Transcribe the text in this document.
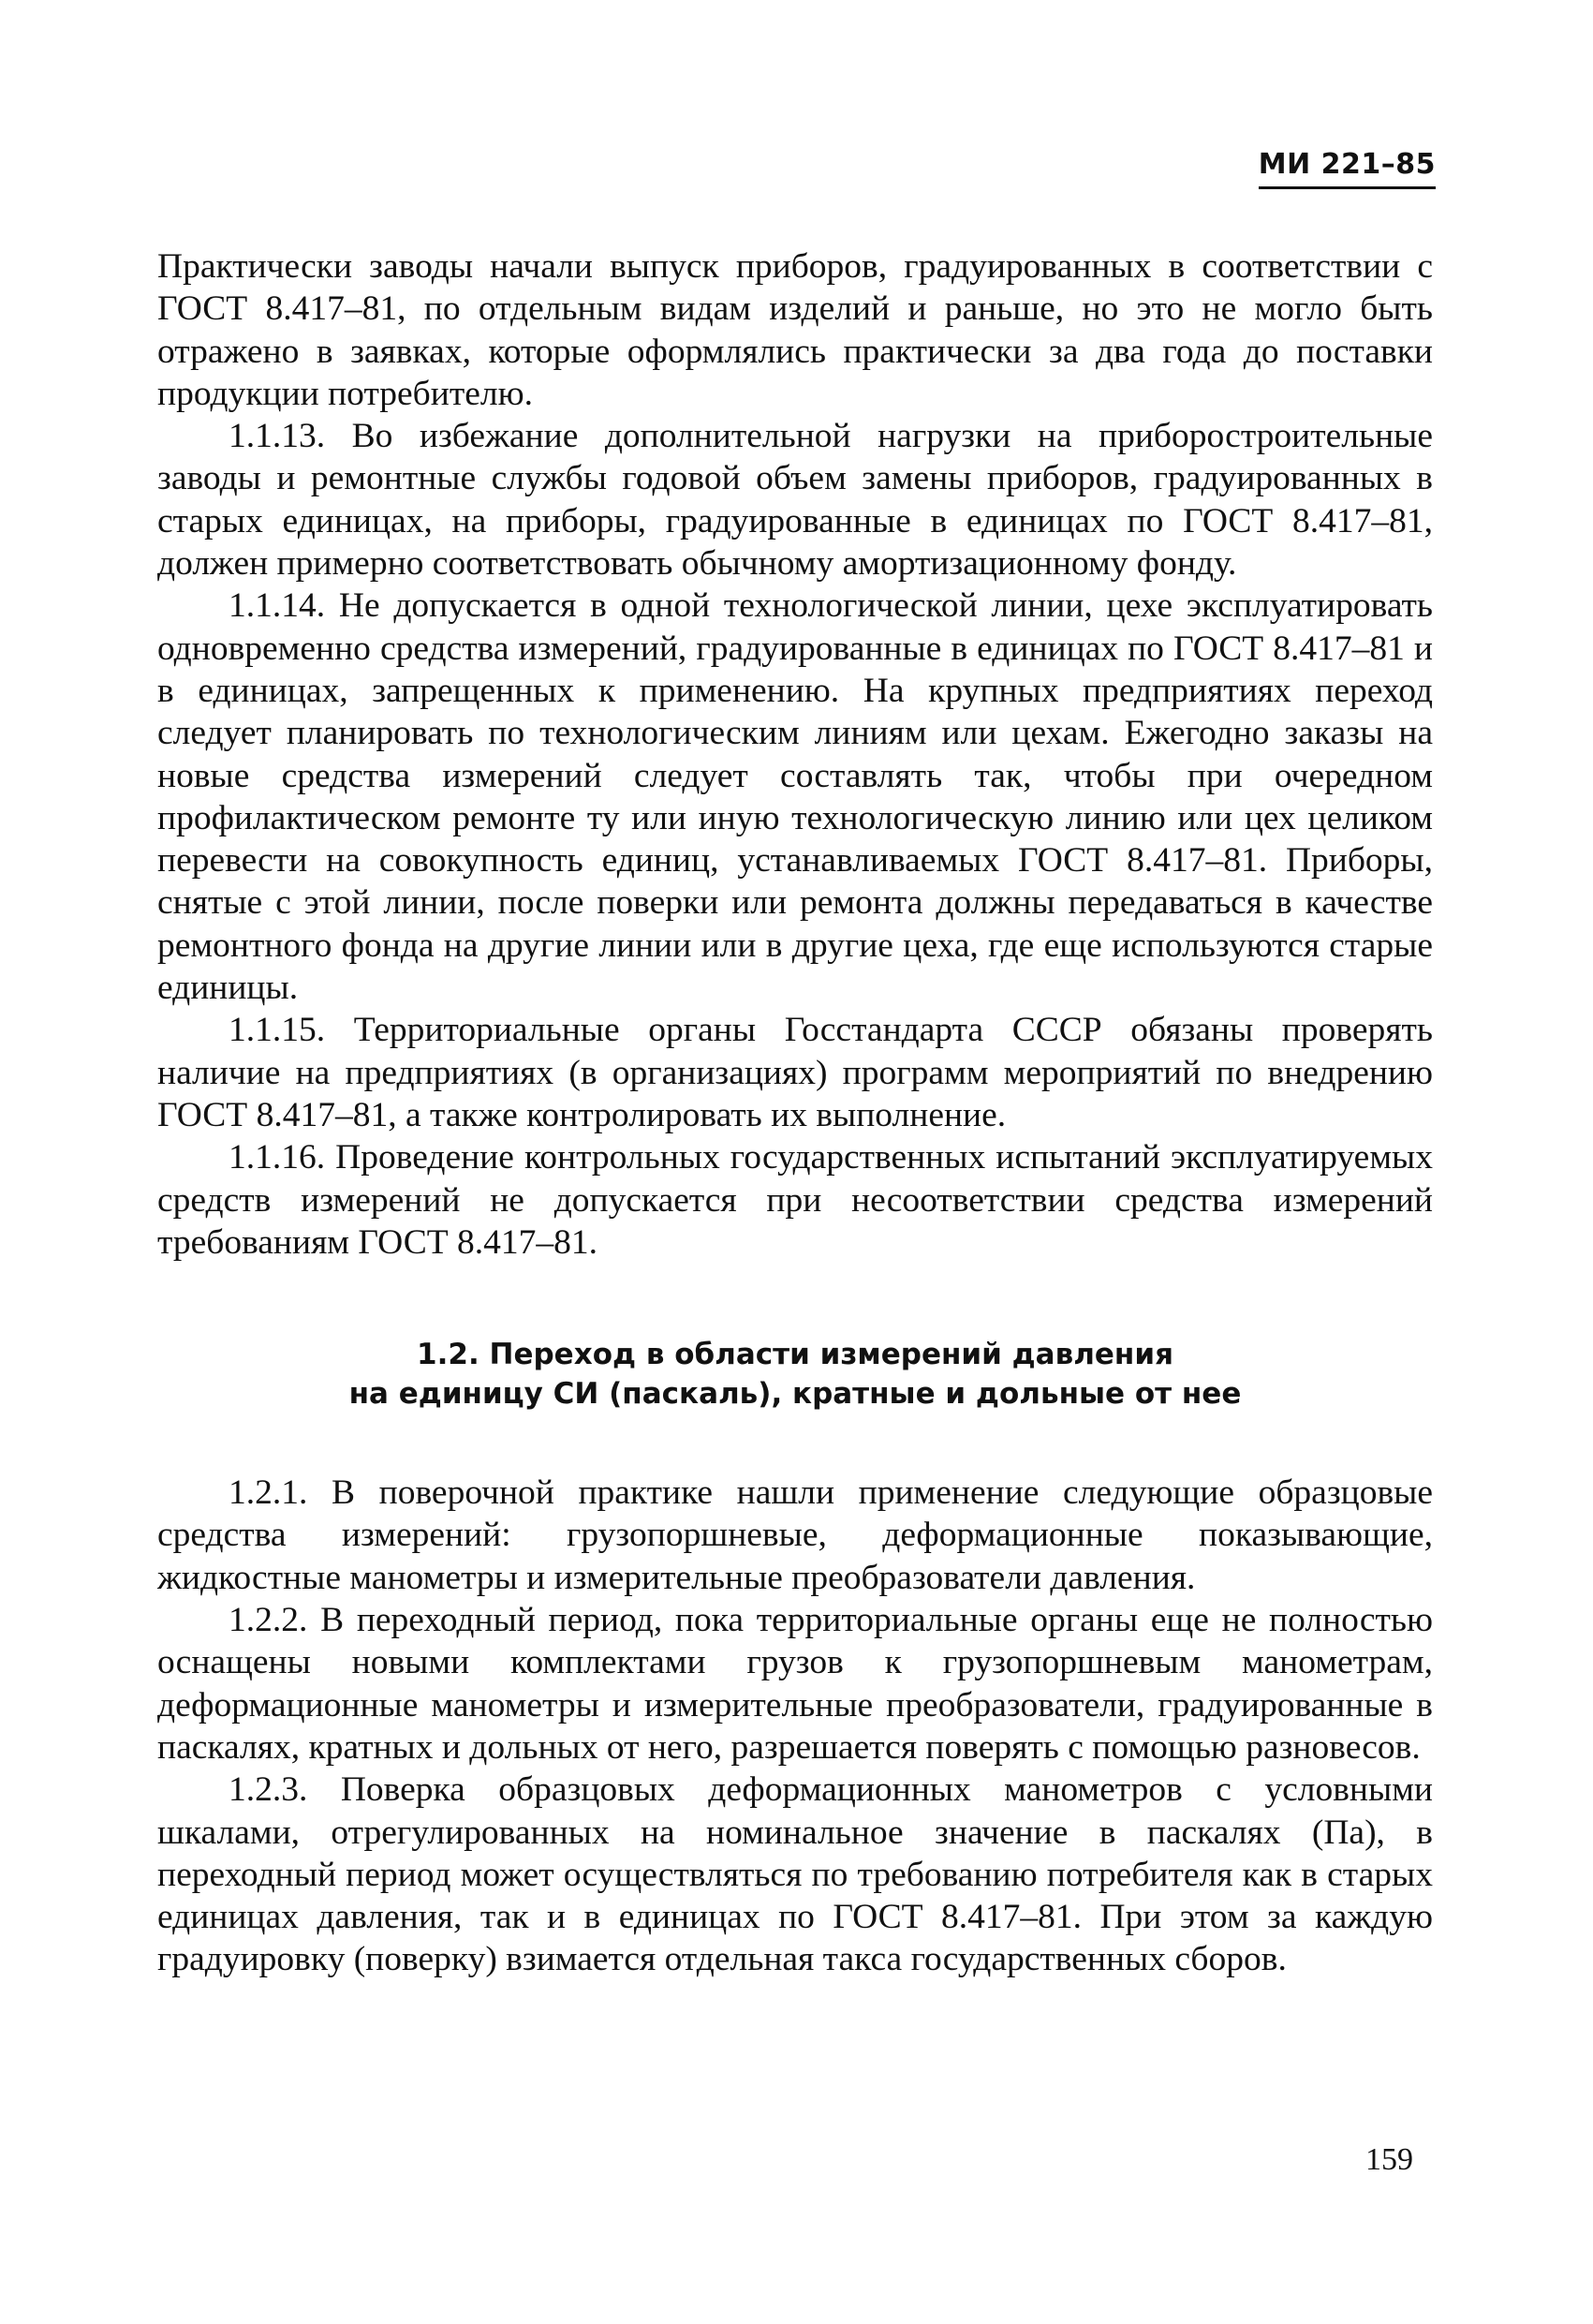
МИ 221–85

Практически заводы начали выпуск приборов, градуированных в соответствии с ГОСТ 8.417–81, по отдельным видам изделий и раньше, но это не могло быть отражено в заявках, которые оформлялись практически за два года до поставки продукции потребителю.

1.1.13. Во избежание дополнительной нагрузки на приборостроительные заводы и ремонтные службы годовой объем замены приборов, градуированных в старых единицах, на приборы, градуированные в единицах по ГОСТ 8.417–81, должен примерно соответствовать обычному амортизационному фонду.

1.1.14. Не допускается в одной технологической линии, цехе эксплуатировать одновременно средства измерений, градуированные в единицах по ГОСТ 8.417–81 и в единицах, запрещенных к применению. На крупных предприятиях переход следует планировать по технологическим линиям или цехам. Ежегодно заказы на новые средства измерений следует составлять так, чтобы при очередном профилактическом ремонте ту или иную технологическую линию или цех целиком перевести на совокупность единиц, устанавливаемых ГОСТ 8.417–81. Приборы, снятые с этой линии, после поверки или ремонта должны передаваться в качестве ремонтного фонда на другие линии или в другие цеха, где еще используются старые единицы.

1.1.15. Территориальные органы Госстандарта СССР обязаны проверять наличие на предприятиях (в организациях) программ мероприятий по внедрению ГОСТ 8.417–81, а также контролировать их выполнение.

1.1.16. Проведение контрольных государственных испытаний эксплуатируемых средств измерений не допускается при несоответствии средства измерений требованиям ГОСТ 8.417–81.

1.2. Переход в области измерений давления
на единицу СИ (паскаль), кратные и дольные от нее

1.2.1. В поверочной практике нашли применение следующие образцовые средства измерений: грузопоршневые, деформационные показывающие, жидкостные манометры и измерительные преобразователи давления.

1.2.2. В переходный период, пока территориальные органы еще не полностью оснащены новыми комплектами грузов к грузопоршневым манометрам, деформационные манометры и измерительные преобразователи, градуированные в паскалях, кратных и дольных от него, разрешается поверять с помощью разновесов.

1.2.3. Поверка образцовых деформационных манометров с условными шкалами, отрегулированных на номинальное значение в паскалях (Па), в переходный период может осуществляться по требованию потребителя как в старых единицах давления, так и в единицах по ГОСТ 8.417–81. При этом за каждую градуировку (поверку) взимается отдельная такса государственных сборов.

159
